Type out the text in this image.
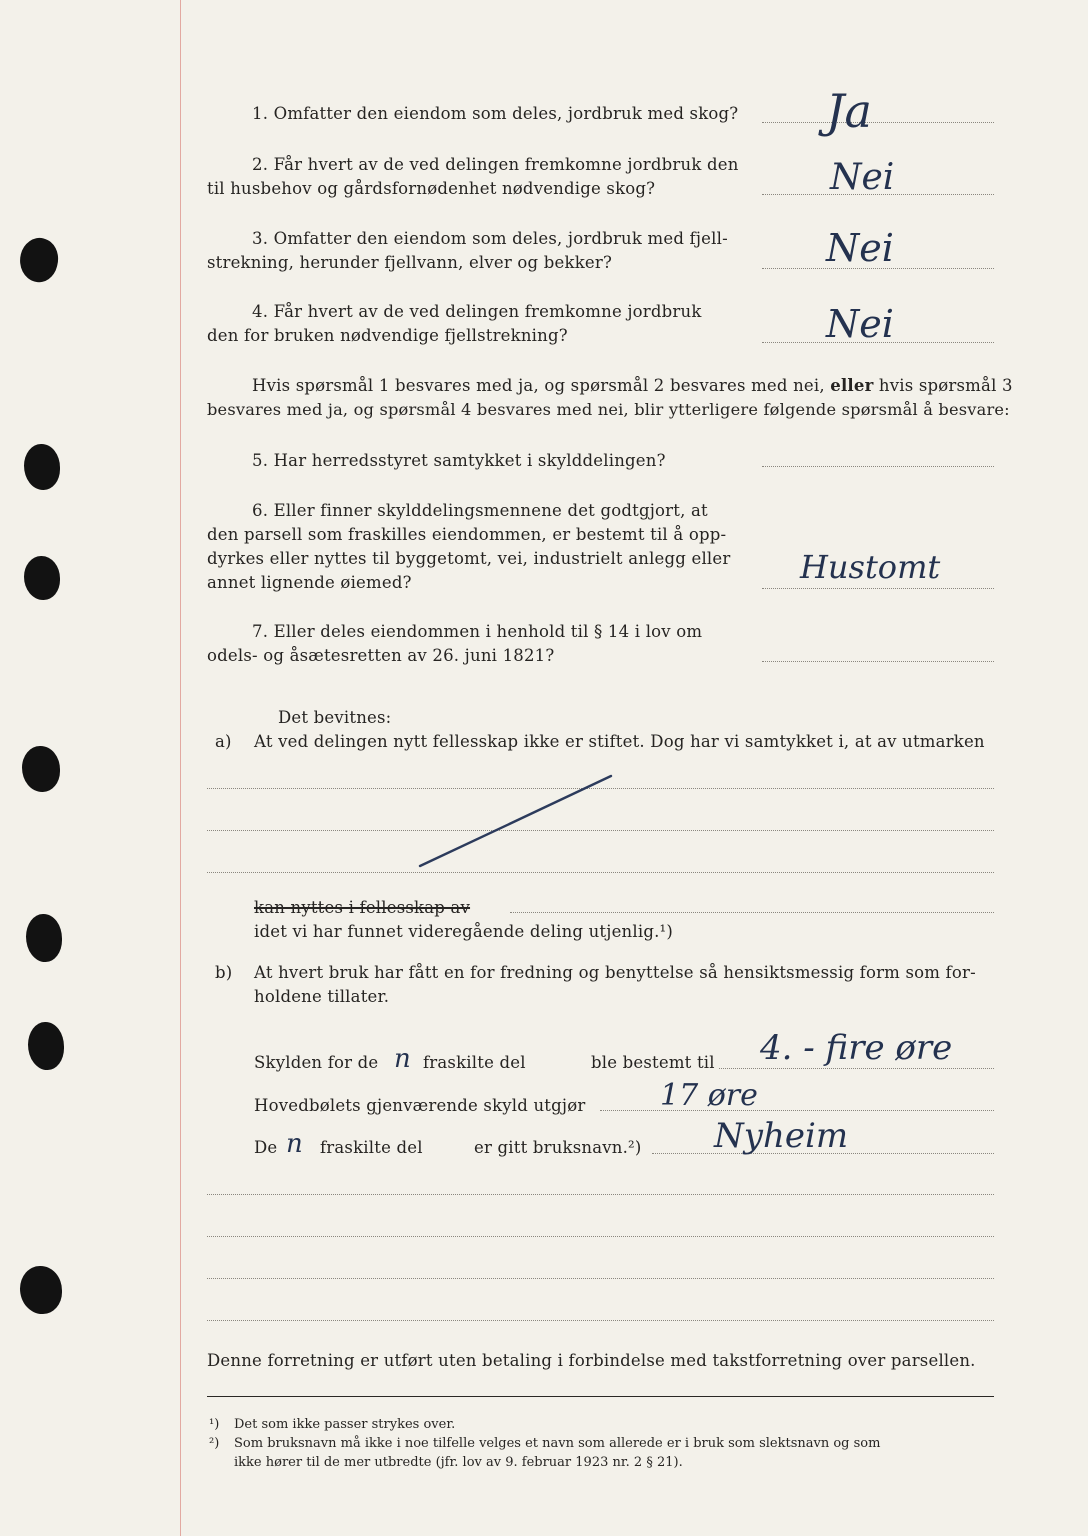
1. Omfatter den eiendom som deles, jordbruk med skog? Ja
2. Får hvert av de ved delingen fremkomne jordbruk den
til husbehov og gårdsfornødenhet nødvendige skog?	Nei
3. Omfatter den eiendom som deles, jordbruk med fjell-
strekning, herunder fjellvann, elver og bekker?	Nei
4. Får hvert av de ved delingen fremkomne jordbruk
den for bruken nødvendige fjellstrekning?	Nei
Hvis spørsmål 1 besvares med ja, og spørsmål 2 besvares med nei, eller hvis spørsmål 3
besvares med ja, og spørsmål 4 besvares med nei, blir ytterligere følgende spørsmål å besvare:
5. Har herredsstyret samtykket i skylddelingen?
6. Eller finner skylddelingsmennene det godtgjort, at
den parsell som fraskilles eiendommen, er bestemt til å opp-
dyrkes eller nyttes til byggetomt, vei, industrielt anlegg eller
annet lignende øiemed?	Hustomt
7. Eller deles eiendommen i henhold til § 14 i lov om
odels- og åsætesretten av 26. juni 1821?
Det bevitnes:
a) At ved delingen nytt fellesskap ikke er stiftet. Dog har vi samtykket i, at av utmarken
kan nyttes i fellesskap av
idet vi har funnet videregående deling utjenlig.¹)
b) At hvert bruk har fått en for fredning og benyttelse så hensiktsmessig form som for-
holdene tillater.
Skylden for de n fraskilte del	ble bestemt til 4. - fire øre
Hovedbølets gjenværende skyld utgjør 17 øre
De n fraskilte del	er gitt bruksnavn.²) Nyheim
Denne forretning er utført uten betaling i forbindelse med takstforretning over parsellen.
¹) Det som ikke passer strykes over.
²) Som bruksnavn må ikke i noe tilfelle velges et navn som allerede er i bruk som slektsnavn og som
ikke hører til de mer utbredte (jfr. lov av 9. februar 1923 nr. 2 § 21).
